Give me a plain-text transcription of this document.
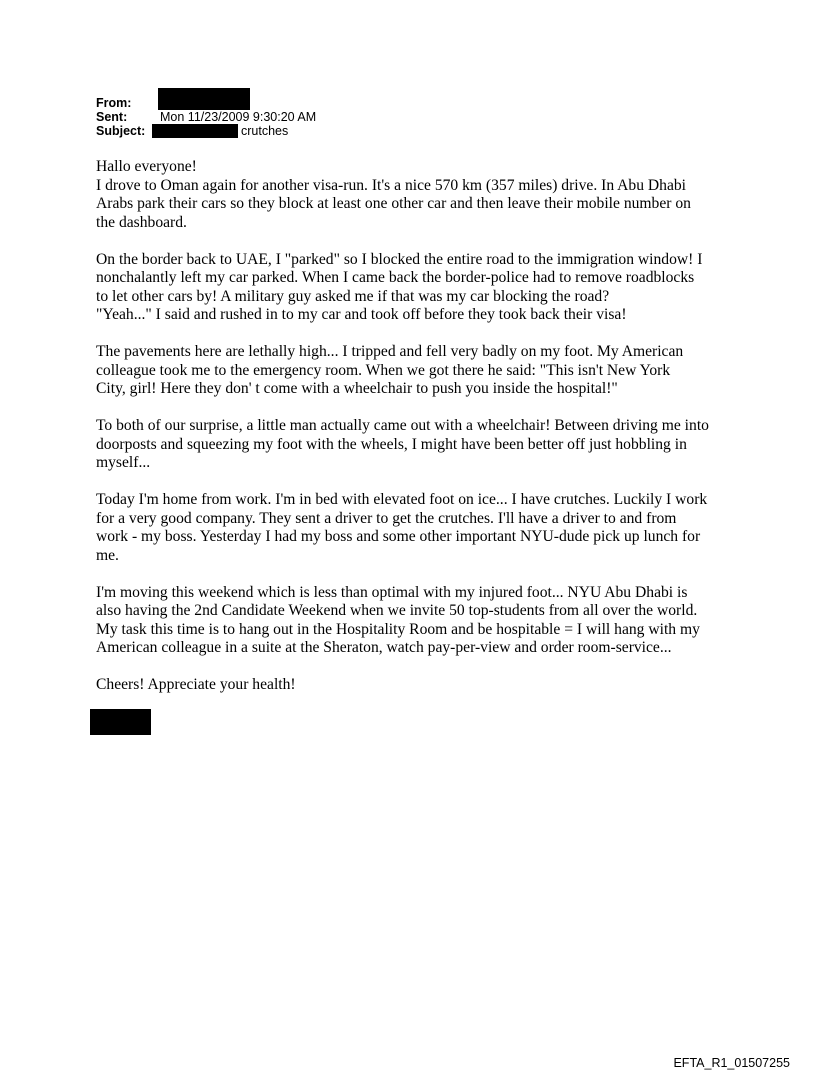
From:
Sent:	Mon 11/23/2009 9:30:20 AM
Subject:	crutches

Hallo everyone!

I drove to Oman again for another visa-run. It's a nice 570 km (357 miles) drive. In Abu Dhabi
Arabs park their cars so they block at least one other car and then leave their mobile number on
the dashboard.

On the border back to UAE, I "parked" so I blocked the entire road to the immigration window! I
nonchalantly left my car parked. When I came back the border-police had to remove roadblocks
to let other cars by! A military guy asked me if that was my car blocking the road?
"Yeah..." I said and rushed in to my car and took off before they took back their visa!

The pavements here are lethally high... I tripped and fell very badly on my foot. My American
colleague took me to the emergency room. When we got there he said: "This isn't New York
City, girl! Here they don' t come with a wheelchair to push you inside the hospital!"

To both of our surprise, a little man actually came out with a wheelchair! Between driving me into
doorposts and squeezing my foot with the wheels, I might have been better off just hobbling in
myself...

Today I'm home from work. I'm in bed with elevated foot on ice... I have crutches. Luckily I work
for a very good company. They sent a driver to get the crutches. I'll have a driver to and from
work - my boss. Yesterday I had my boss and some other important NYU-dude pick up lunch for
me.

I'm moving this weekend which is less than optimal with my injured foot... NYU Abu Dhabi is
also having the 2nd Candidate Weekend when we invite 50 top-students from all over the world.
My task this time is to hang out in the Hospitality Room and be hospitable = I will hang with my
American colleague in a suite at the Sheraton, watch pay-per-view and order room-service...

Cheers! Appreciate your health!

EFTA_R1_01507255
